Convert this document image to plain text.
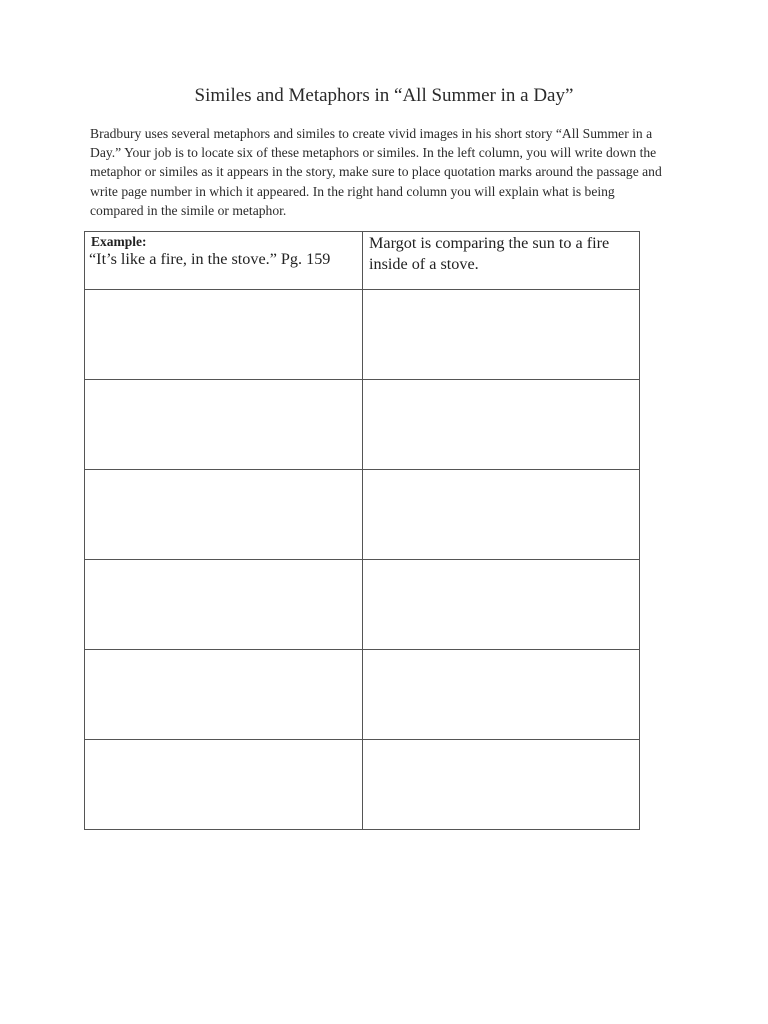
Similes and Metaphors in “All Summer in a Day”

Bradbury uses several metaphors and similes to create vivid images in his short story “All Summer in a Day.” Your job is to locate six of these metaphors or similes. In the left column, you will write down the metaphor or similes as it appears in the story, make sure to place quotation marks around the passage and write page number in which it appeared. In the right hand column you will explain what is being compared in the simile or metaphor.

Example:
“It’s like a fire, in the stove.” Pg. 159	Margot is comparing the sun to a fire inside of a stove.
